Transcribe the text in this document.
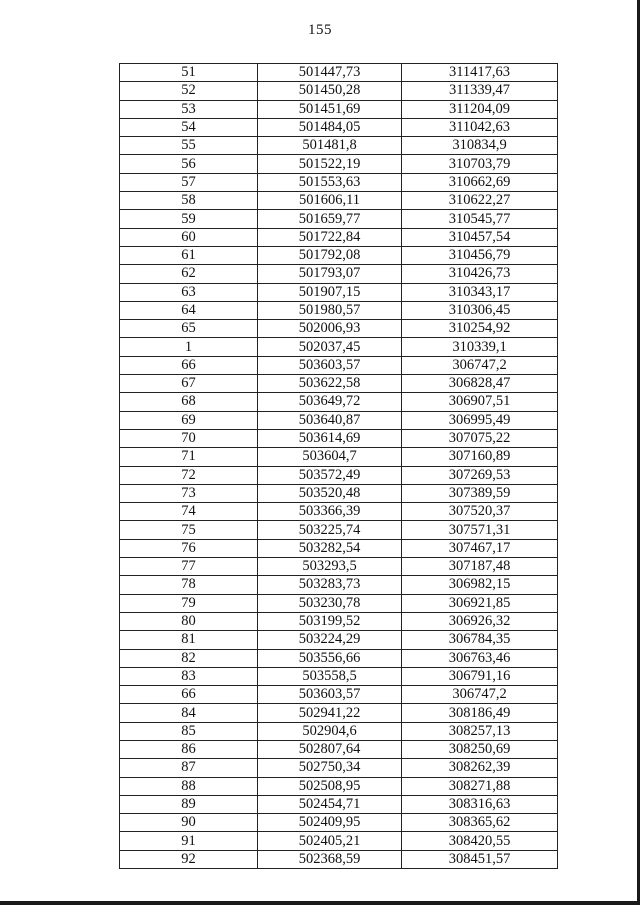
155
51	501447,73	311417,63
52	501450,28	311339,47
53	501451,69	311204,09
54	501484,05	311042,63
55	501481,8	310834,9
56	501522,19	310703,79
57	501553,63	310662,69
58	501606,11	310622,27
59	501659,77	310545,77
60	501722,84	310457,54
61	501792,08	310456,79
62	501793,07	310426,73
63	501907,15	310343,17
64	501980,57	310306,45
65	502006,93	310254,92
1	502037,45	310339,1
66	503603,57	306747,2
67	503622,58	306828,47
68	503649,72	306907,51
69	503640,87	306995,49
70	503614,69	307075,22
71	503604,7	307160,89
72	503572,49	307269,53
73	503520,48	307389,59
74	503366,39	307520,37
75	503225,74	307571,31
76	503282,54	307467,17
77	503293,5	307187,48
78	503283,73	306982,15
79	503230,78	306921,85
80	503199,52	306926,32
81	503224,29	306784,35
82	503556,66	306763,46
83	503558,5	306791,16
66	503603,57	306747,2
84	502941,22	308186,49
85	502904,6	308257,13
86	502807,64	308250,69
87	502750,34	308262,39
88	502508,95	308271,88
89	502454,71	308316,63
90	502409,95	308365,62
91	502405,21	308420,55
92	502368,59	308451,57
